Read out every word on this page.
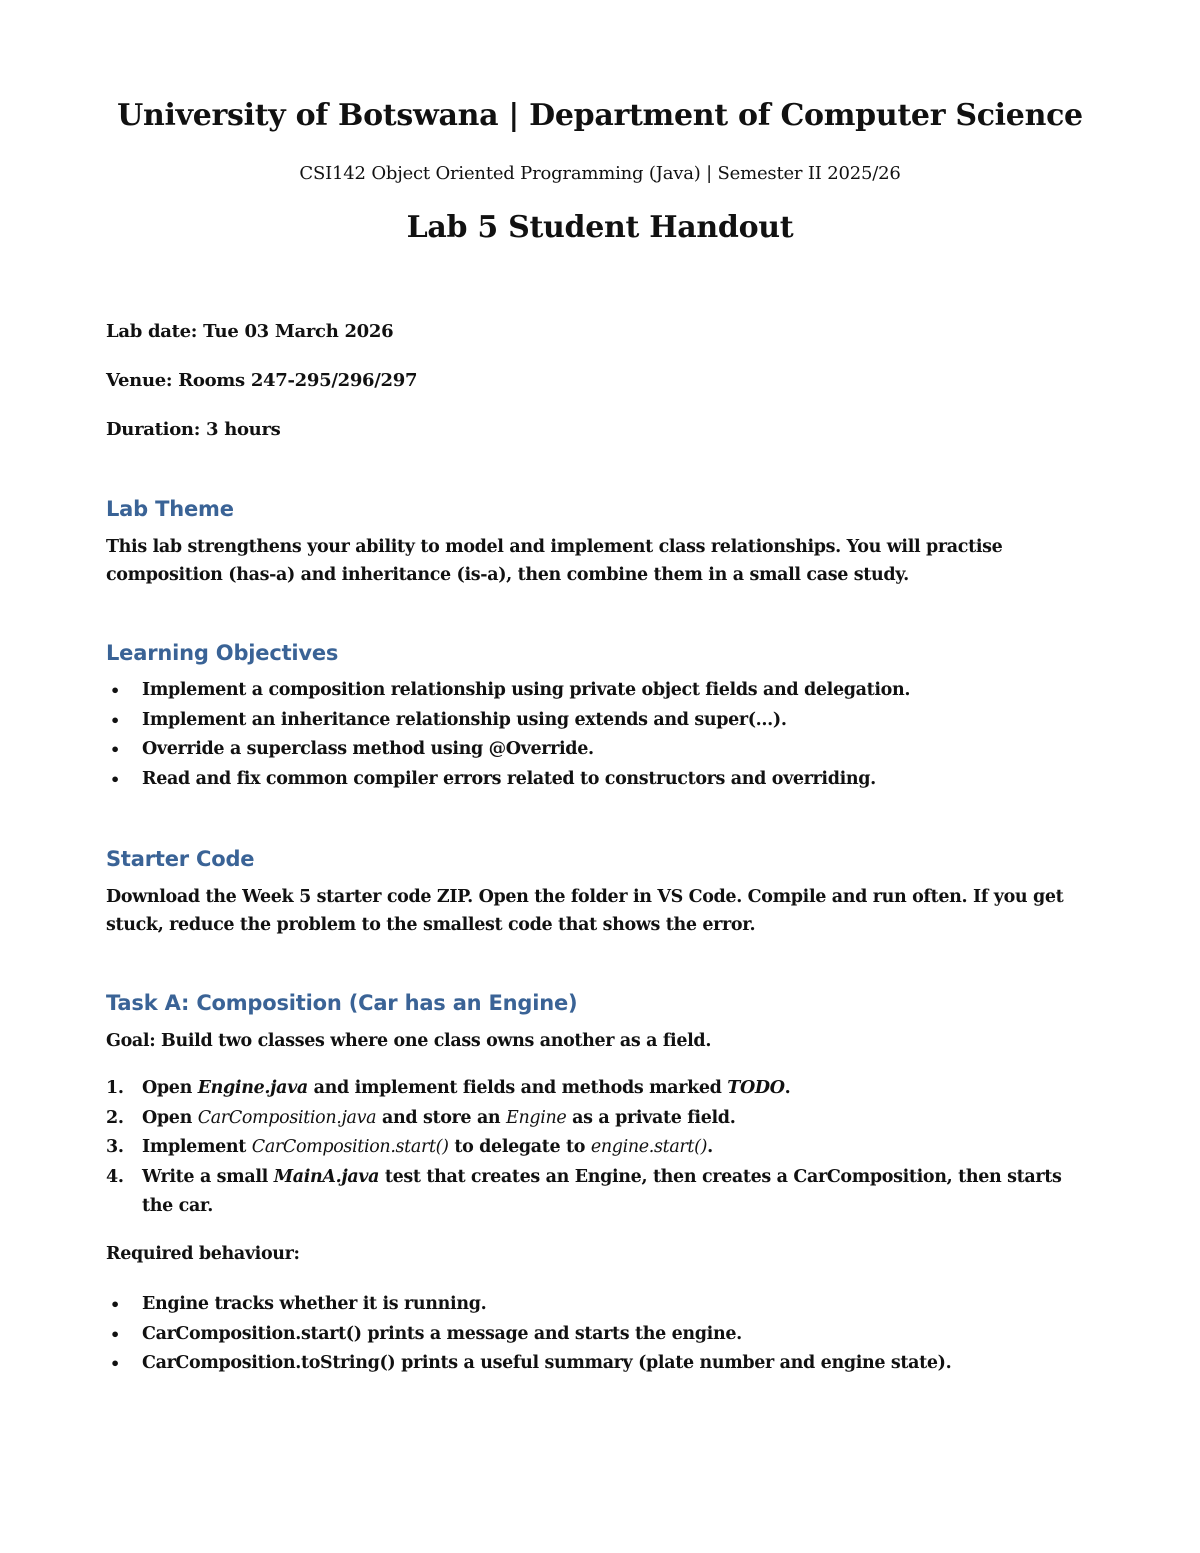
University of Botswana | Department of Computer Science

CSI142 Object Oriented Programming (Java) | Semester II 2025/26

Lab 5 Student Handout

Lab date: Tue 03 March 2026

Venue: Rooms 247-295/296/297

Duration: 3 hours

Lab Theme

This lab strengthens your ability to model and implement class relationships. You will practise composition (has-a) and inheritance (is-a), then combine them in a small case study.

Learning Objectives
•	Implement a composition relationship using private object fields and delegation.
•	Implement an inheritance relationship using extends and super(...).
•	Override a superclass method using @Override.
•	Read and fix common compiler errors related to constructors and overriding.
Starter Code

Download the Week 5 starter code ZIP. Open the folder in VS Code. Compile and run often. If you get stuck, reduce the problem to the smallest code that shows the error.

Task A: Composition (Car has an Engine)

Goal: Build two classes where one class owns another as a field.

1.	Open Engine.java and implement fields and methods marked TODO.
2.	Open CarComposition.java and store an Engine as a private field.
3.	Implement CarComposition.start() to delegate to engine.start().
4.	Write a small MainA.java test that creates an Engine, then creates a CarComposition, then starts the car.

Required behaviour:

•	Engine tracks whether it is running.
•	CarComposition.start() prints a message and starts the engine.
•	CarComposition.toString() prints a useful summary (plate number and engine state).
